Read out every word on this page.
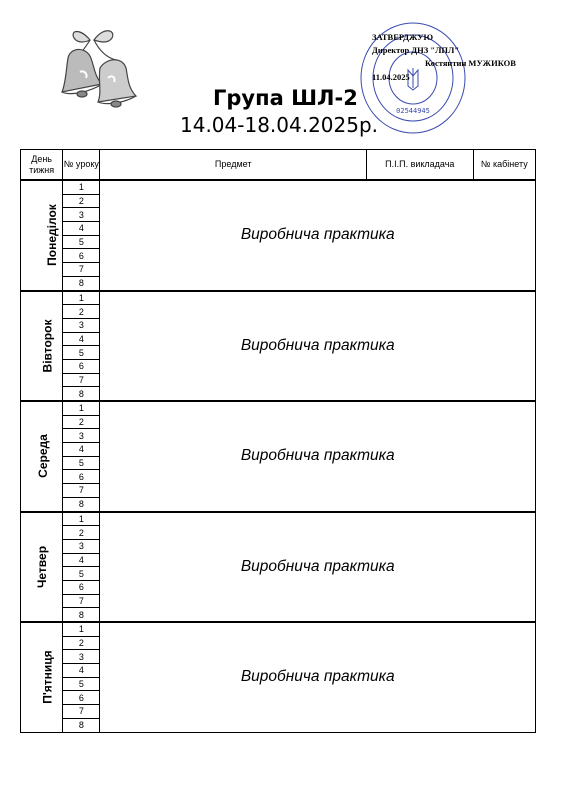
Група ШЛ-2
14.04-18.04.2025р.
02544945
ЗАТВЕРДЖУЮ
Директор ДНЗ "ЛПЛ"
Костянтин МУЖИКОВ
11.04.2025
День тижня	№ уроку	Предмет	П.І.П. викладача	№ кабінету
Понеділок	1	Виробнича практика		
	2			
	3			
	4			
	5			
	6			
	7			
	8			
Вівторок	1	Виробнича практика		
	2			
	3			
	4			
	5			
	6			
	7			
	8			
Середа	1	Виробнича практика		
	2			
	3			
	4			
	5			
	6			
	7			
	8			
Четвер	1	Виробнича практика		
	2			
	3			
	4			
	5			
	6			
	7			
	8			
П'ятниця	1	Виробнича практика		
	2			
	3			
	4			
	5			
	6			
	7			
	8			
